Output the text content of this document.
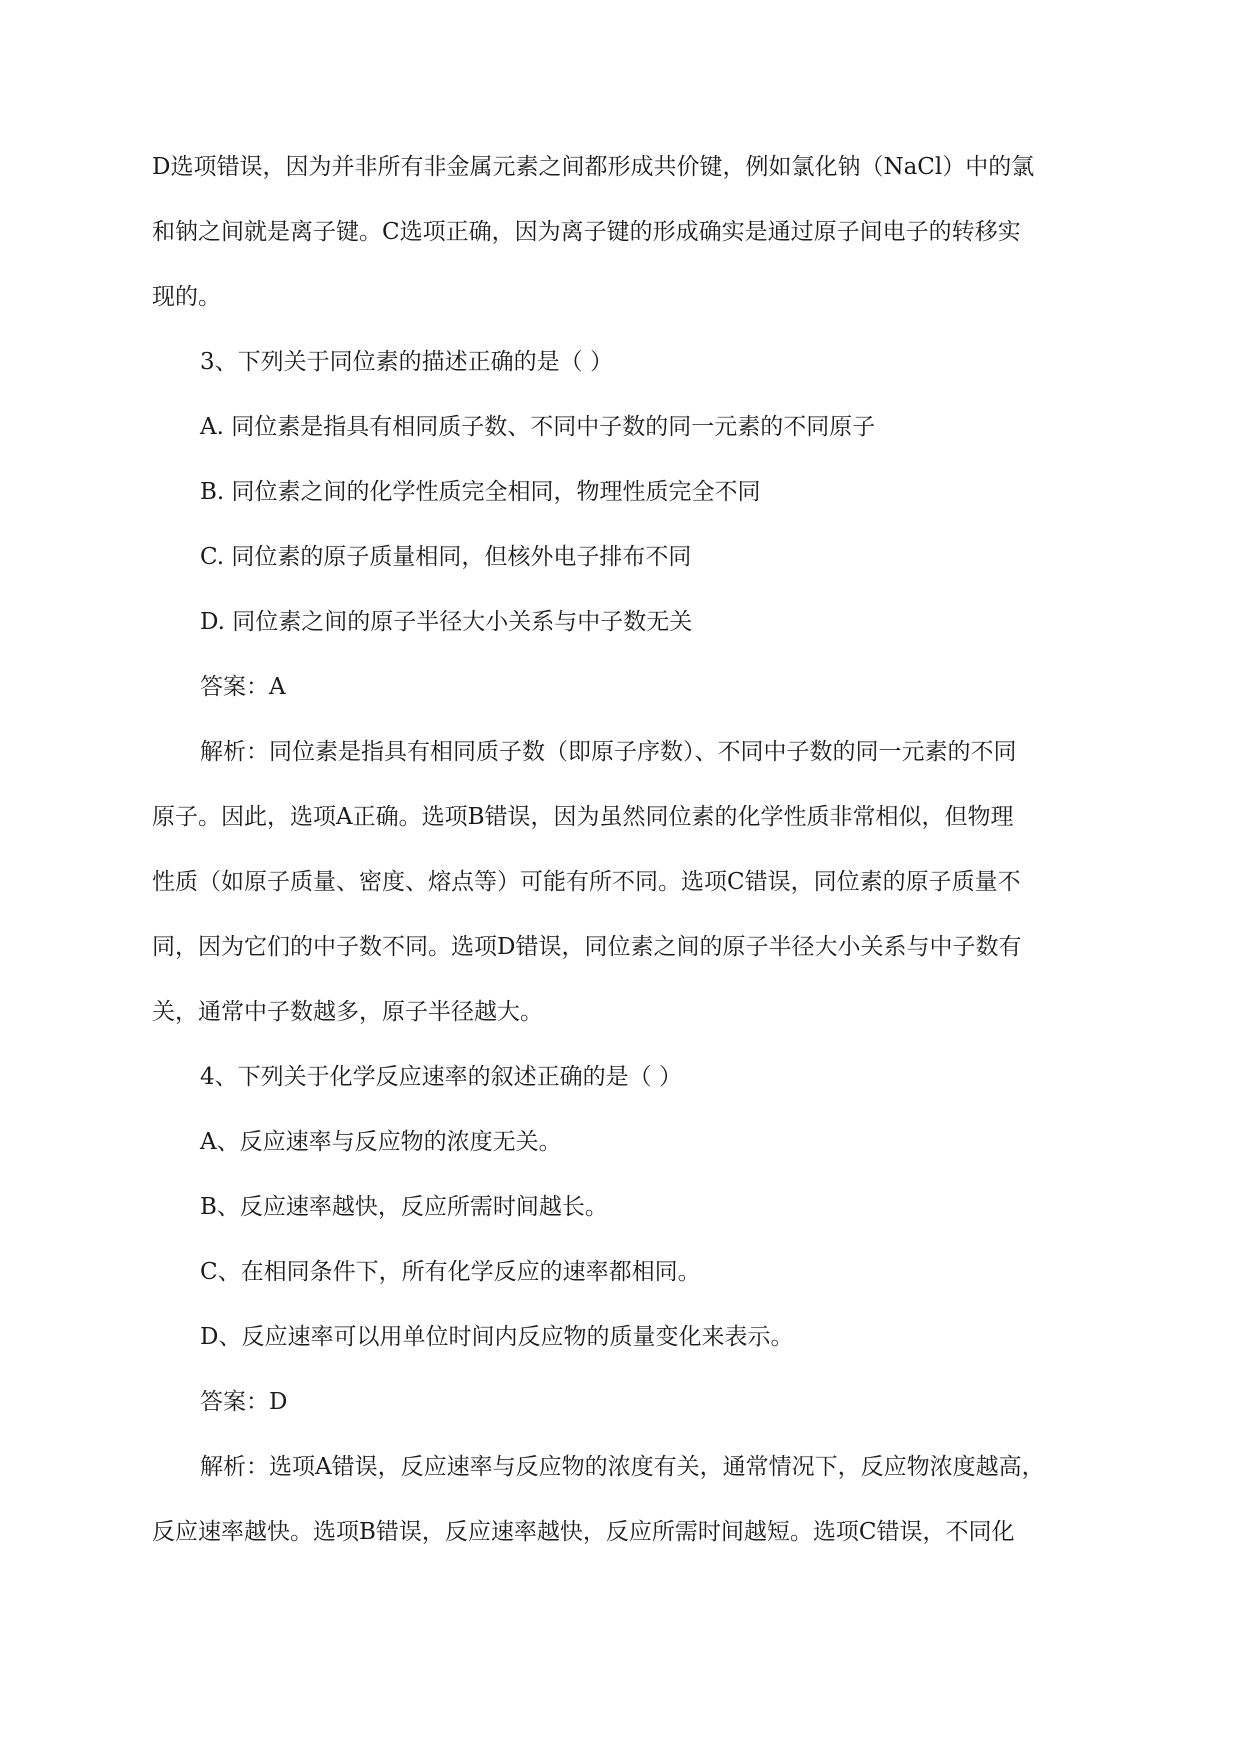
D选项错误，因为并非所有非金属元素之间都形成共价键，例如氯化钠（NaCl）中的氯
和钠之间就是离子键。C选项正确，因为离子键的形成确实是通过原子间电子的转移实
现的。
3、下列关于同位素的描述正确的是（ ）
A. 同位素是指具有相同质子数、不同中子数的同一元素的不同原子
B. 同位素之间的化学性质完全相同，物理性质完全不同
C. 同位素的原子质量相同，但核外电子排布不同
D. 同位素之间的原子半径大小关系与中子数无关
答案：A
解析：同位素是指具有相同质子数（即原子序数）、不同中子数的同一元素的不同
原子。因此，选项A正确。选项B错误，因为虽然同位素的化学性质非常相似，但物理
性质（如原子质量、密度、熔点等）可能有所不同。选项C错误，同位素的原子质量不
同，因为它们的中子数不同。选项D错误，同位素之间的原子半径大小关系与中子数有
关，通常中子数越多，原子半径越大。
4、下列关于化学反应速率的叙述正确的是（ ）
A、反应速率与反应物的浓度无关。
B、反应速率越快，反应所需时间越长。
C、在相同条件下，所有化学反应的速率都相同。
D、反应速率可以用单位时间内反应物的质量变化来表示。
答案：D
解析：选项A错误，反应速率与反应物的浓度有关，通常情况下，反应物浓度越高，
反应速率越快。选项B错误，反应速率越快，反应所需时间越短。选项C错误，不同化
